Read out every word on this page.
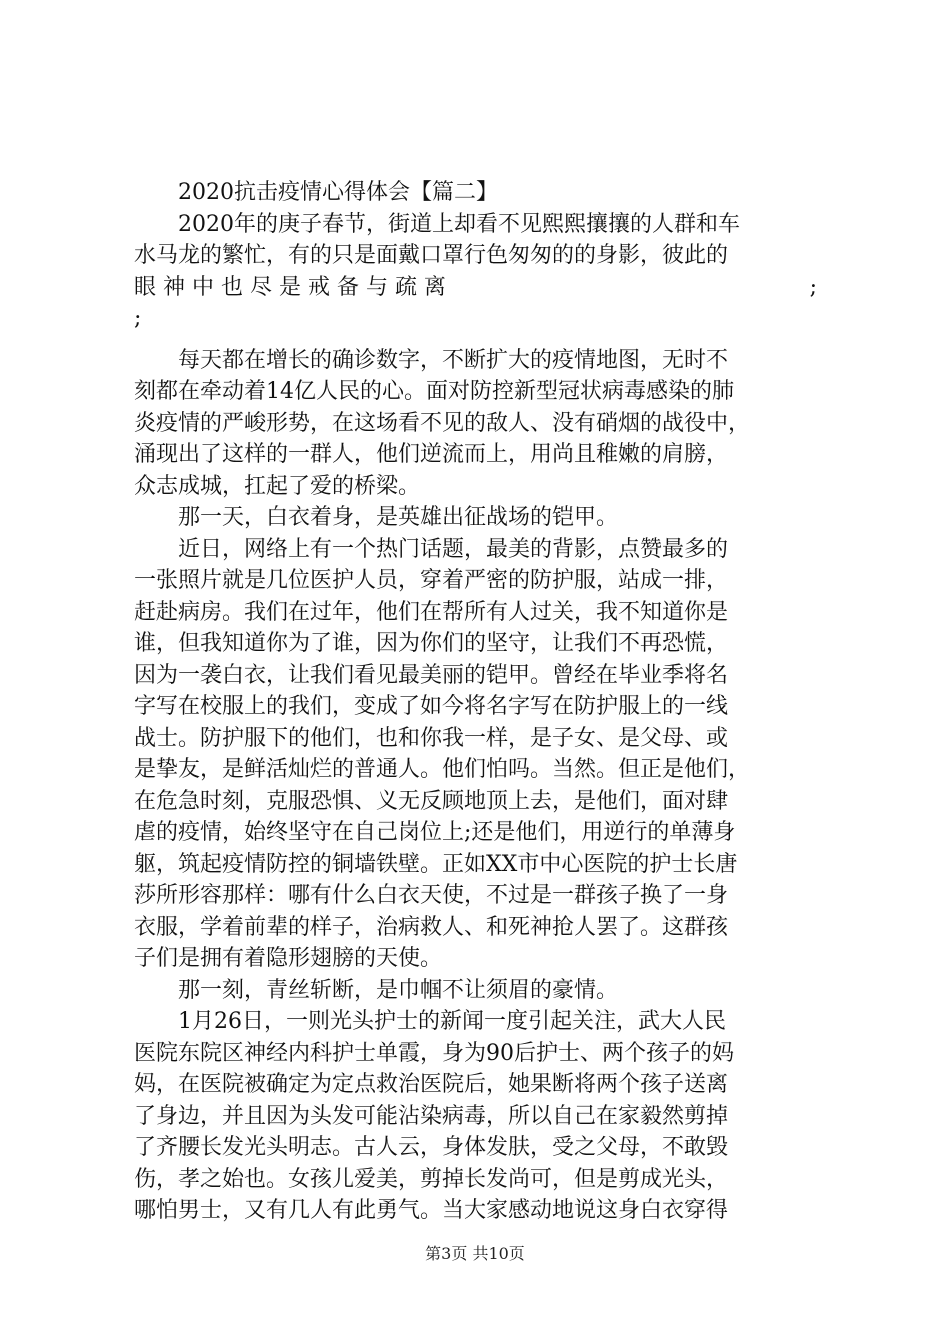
2020抗击疫情心得体会【篇二】
2020年的庚子春节，街道上却看不见熙熙攘攘的人群和车
水马龙的繁忙，有的只是面戴口罩行色匆匆的的身影，彼此的
眼 神 中 也 尽 是 戒 备 与 疏 离                                                    ;
;
每天都在增长的确诊数字，不断扩大的疫情地图，无时不
刻都在牵动着14亿人民的心。面对防控新型冠状病毒感染的肺
炎疫情的严峻形势，在这场看不见的敌人、没有硝烟的战役中，
涌现出了这样的一群人，他们逆流而上，用尚且稚嫩的肩膀，
众志成城，扛起了爱的桥梁。
那一天，白衣着身，是英雄出征战场的铠甲。
近日，网络上有一个热门话题，最美的背影，点赞最多的
一张照片就是几位医护人员，穿着严密的防护服，站成一排，
赶赴病房。我们在过年，他们在帮所有人过关，我不知道你是
谁，但我知道你为了谁，因为你们的坚守，让我们不再恐慌，
因为一袭白衣，让我们看见最美丽的铠甲。曾经在毕业季将名
字写在校服上的我们，变成了如今将名字写在防护服上的一线
战士。防护服下的他们，也和你我一样，是子女、是父母、或
是挚友，是鲜活灿烂的普通人。他们怕吗。当然。但正是他们，
在危急时刻，克服恐惧、义无反顾地顶上去，是他们，面对肆
虐的疫情，始终坚守在自己岗位上;还是他们，用逆行的单薄身
躯，筑起疫情防控的铜墙铁壁。正如XX市中心医院的护士长唐
莎所形容那样：哪有什么白衣天使，不过是一群孩子换了一身
衣服，学着前辈的样子，治病救人、和死神抢人罢了。这群孩
子们是拥有着隐形翅膀的天使。
那一刻，青丝斩断，是巾帼不让须眉的豪情。
1月26日，一则光头护士的新闻一度引起关注，武大人民
医院东院区神经内科护士单霞，身为90后护士、两个孩子的妈
妈，在医院被确定为定点救治医院后，她果断将两个孩子送离
了身边，并且因为头发可能沾染病毒，所以自己在家毅然剪掉
了齐腰长发光头明志。古人云，身体发肤，受之父母，不敢毁
伤，孝之始也。女孩儿爱美，剪掉长发尚可，但是剪成光头，
哪怕男士，又有几人有此勇气。当大家感动地说这身白衣穿得
第3页 共10页
